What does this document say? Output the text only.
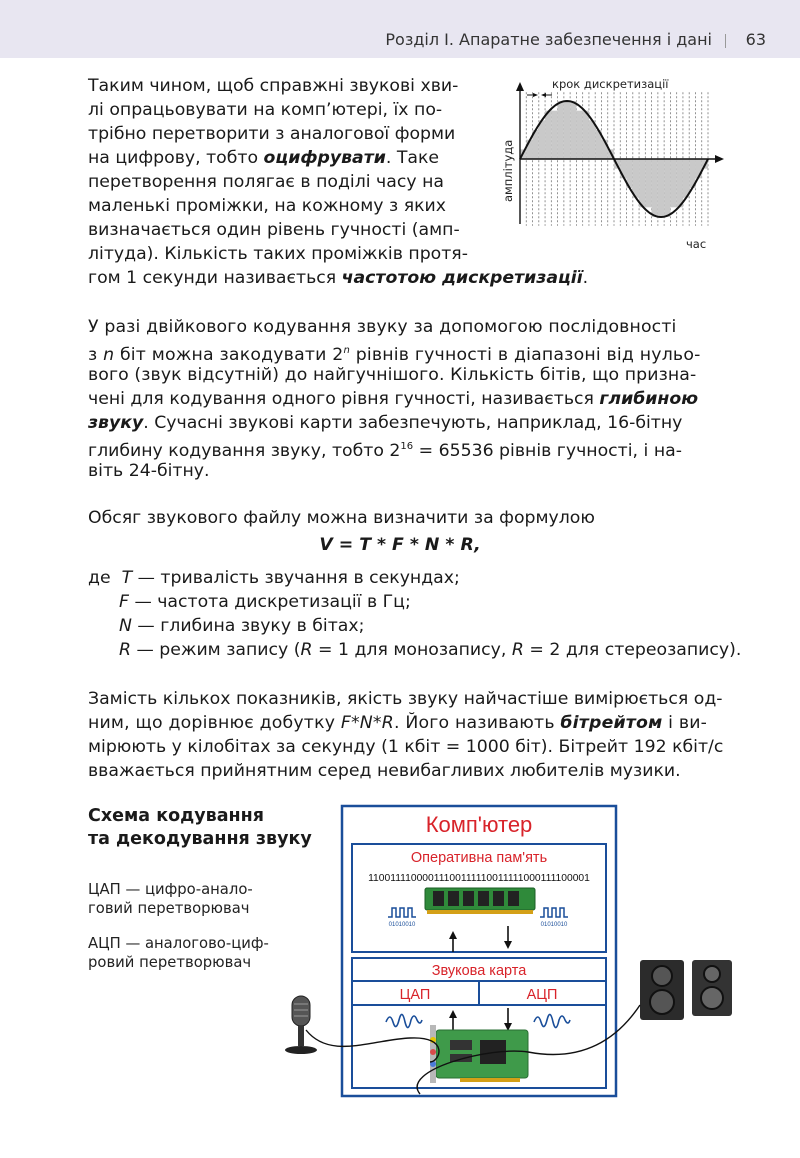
Розділ І. Апаратне забезпечення і дані 63
Таким чином, щоб справжні звукові хви-
лі опрацьовувати на комп’ютері, їх по-
трібно перетворити з аналогової форми
на цифрову, тобто оцифрувати. Таке
перетворення полягає в поділі часу на
маленькі проміжки, на кожному з яких
визначається один рівень гучності (амп-
літуда). Кількість таких проміжків протя-
гом 1 секунди називається частотою дискретизації.
крок дискретизації
час
амплітуда
У разі двійкового кодування звуку за допомогою послідовності
з n біт можна закодувати 2$^n$ рівнів гучності в діапазоні від нульо-
вого (звук відсутній) до найгучнішого. Кількість бітів, що призна-
чені для кодування одного рівня гучності, називається глибиною
звуку. Сучасні звукові карти забезпечують, наприклад, 16-бітну
глибину кодування звуку, тобто $2^{16} = 65536$ рівнів гучності, і на-
віть 24-бітну.
Обсяг звукового файлу можна визначити за формулою
V = T * F * N * R,
де T — тривалість звучання в секундах;
F — частота дискретизації в Гц;
N — глибина звуку в бітах;
R — режим запису (R = 1 для монозапису, R = 2 для стереозапису).
Замість кількох показників, якість звуку найчастіше вимірюється од-
ним, що дорівнює добутку F*N*R. Його називають бітрейтом і ви-
мірюють у кілобітах за секунду (1 кбіт = 1000 біт). Бітрейт 192 кбіт/с
вважається прийнятним серед невибагливих любителів музики.
Схема кодування
та декодування звуку
ЦАП — цифро-анало-
говий перетворювач
АЦП — аналогово-циф-
ровий перетворювач
Комп'ютер
Оперативна пам'ять
11001111000011100111110011111000111100001
01010010	01010010
Звукова карта
ЦАП	АЦП
